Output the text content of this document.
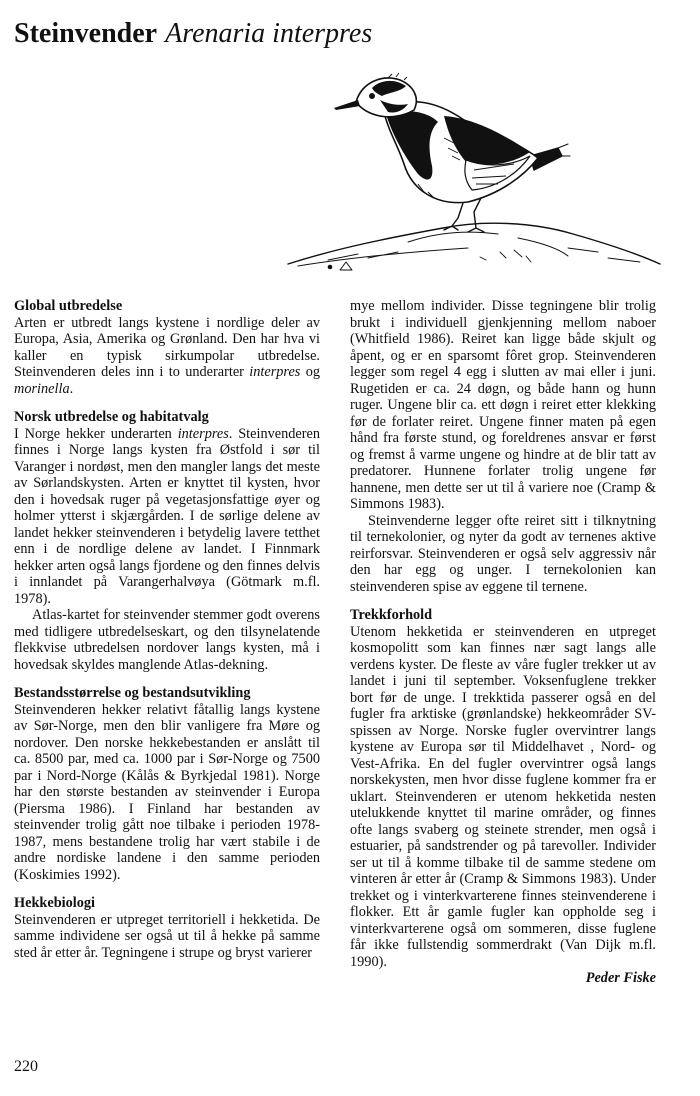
Steinvender Arenaria interpres
Global utbredelse

Arten er utbredt langs kystene i nordlige deler av Europa, Asia, Amerika og Grønland. Den har hva vi kaller en typisk sirkumpolar utbredelse. Steinvenderen deles inn i to underarter interpres og morinella.

Norsk utbredelse og habitatvalg

I Norge hekker underarten interpres. Steinvenderen finnes i Norge langs kysten fra Østfold i sør til Varanger i nordøst, men den mangler langs det meste av Sørlandskysten. Arten er knyttet til kysten, hvor den i hovedsak ruger på vegetasjonsfattige øyer og holmer ytterst i skjærgården. I de sørlige delene av landet hekker steinvenderen i betydelig lavere tetthet enn i de nordlige delene av landet. I Finnmark hekker arten også langs fjordene og den finnes delvis i innlandet på Varangerhalvøya (Götmark m.fl. 1978).

Atlas-kartet for steinvender stemmer godt overens med tidligere utbredelseskart, og den tilsynelatende flekkvise utbredelsen nordover langs kysten, må i hovedsak skyldes manglende Atlas-dekning.

Bestandsstørrelse og bestandsutvikling

Steinvenderen hekker relativt fåtallig langs kystene av Sør-Norge, men den blir vanligere fra Møre og nordover. Den norske hekkebestanden er anslått til ca. 8500 par, med ca. 1000 par i Sør-Norge og 7500 par i Nord-Norge (Kålås & Byrkjedal 1981). Norge har den største bestanden av steinvender i Europa (Piersma 1986). I Finland har bestanden av steinvender trolig gått noe tilbake i perioden 1978-1987, mens bestandene trolig har vært stabile i de andre nordiske landene i den samme perioden (Koskimies 1992).

Hekkebiologi

Steinvenderen er utpreget territoriell i hekketida. De samme individene ser også ut til å hekke på samme sted år etter år. Tegningene i strupe og bryst varierer

mye mellom individer. Disse tegningene blir trolig brukt i individuell gjenkjenning mellom naboer (Whitfield 1986). Reiret kan ligge både skjult og åpent, og er en sparsomt fôret grop. Steinvenderen legger som regel 4 egg i slutten av mai eller i juni. Rugetiden er ca. 24 døgn, og både hann og hunn ruger. Ungene blir ca. ett døgn i reiret etter klekking før de forlater reiret. Ungene finner maten på egen hånd fra første stund, og foreldrenes ansvar er først og fremst å varme ungene og hindre at de blir tatt av predatorer. Hunnene forlater trolig ungene før hannene, men dette ser ut til å variere noe (Cramp & Simmons 1983).

Steinvenderne legger ofte reiret sitt i tilknytning til ternekolonier, og nyter da godt av ternenes aktive reirforsvar. Steinvenderen er også selv aggressiv når den har egg og unger. I ternekolonien kan steinvenderen spise av eggene til ternene.

Trekkforhold

Utenom hekketida er steinvenderen en utpreget kosmopolitt som kan finnes nær sagt langs alle verdens kyster. De fleste av våre fugler trekker ut av landet i juni til september. Voksenfuglene trekker bort før de unge. I trekktida passerer også en del fugler fra arktiske (grønlandske) hekkeområder SV-spissen av Norge. Norske fugler overvintrer langs kystene av Europa sør til Middelhavet , Nord- og Vest-Afrika. En del fugler overvintrer også langs norskekysten, men hvor disse fuglene kommer fra er uklart. Steinvenderen er utenom hekketida nesten utelukkende knyttet til marine områder, og finnes ofte langs svaberg og steinete strender, men også i estuarier, på sandstrender og på tarevoller. Individer ser ut til å komme tilbake til de samme stedene om vinteren år etter år (Cramp & Simmons 1983). Under trekket og i vinterkvarterene finnes steinvenderene i flokker. Ett år gamle fugler kan oppholde seg i vinterkvarterene også om sommeren, disse fuglene får ikke fullstendig sommerdrakt (Van Dijk m.fl. 1990).

Peder Fiske

220
